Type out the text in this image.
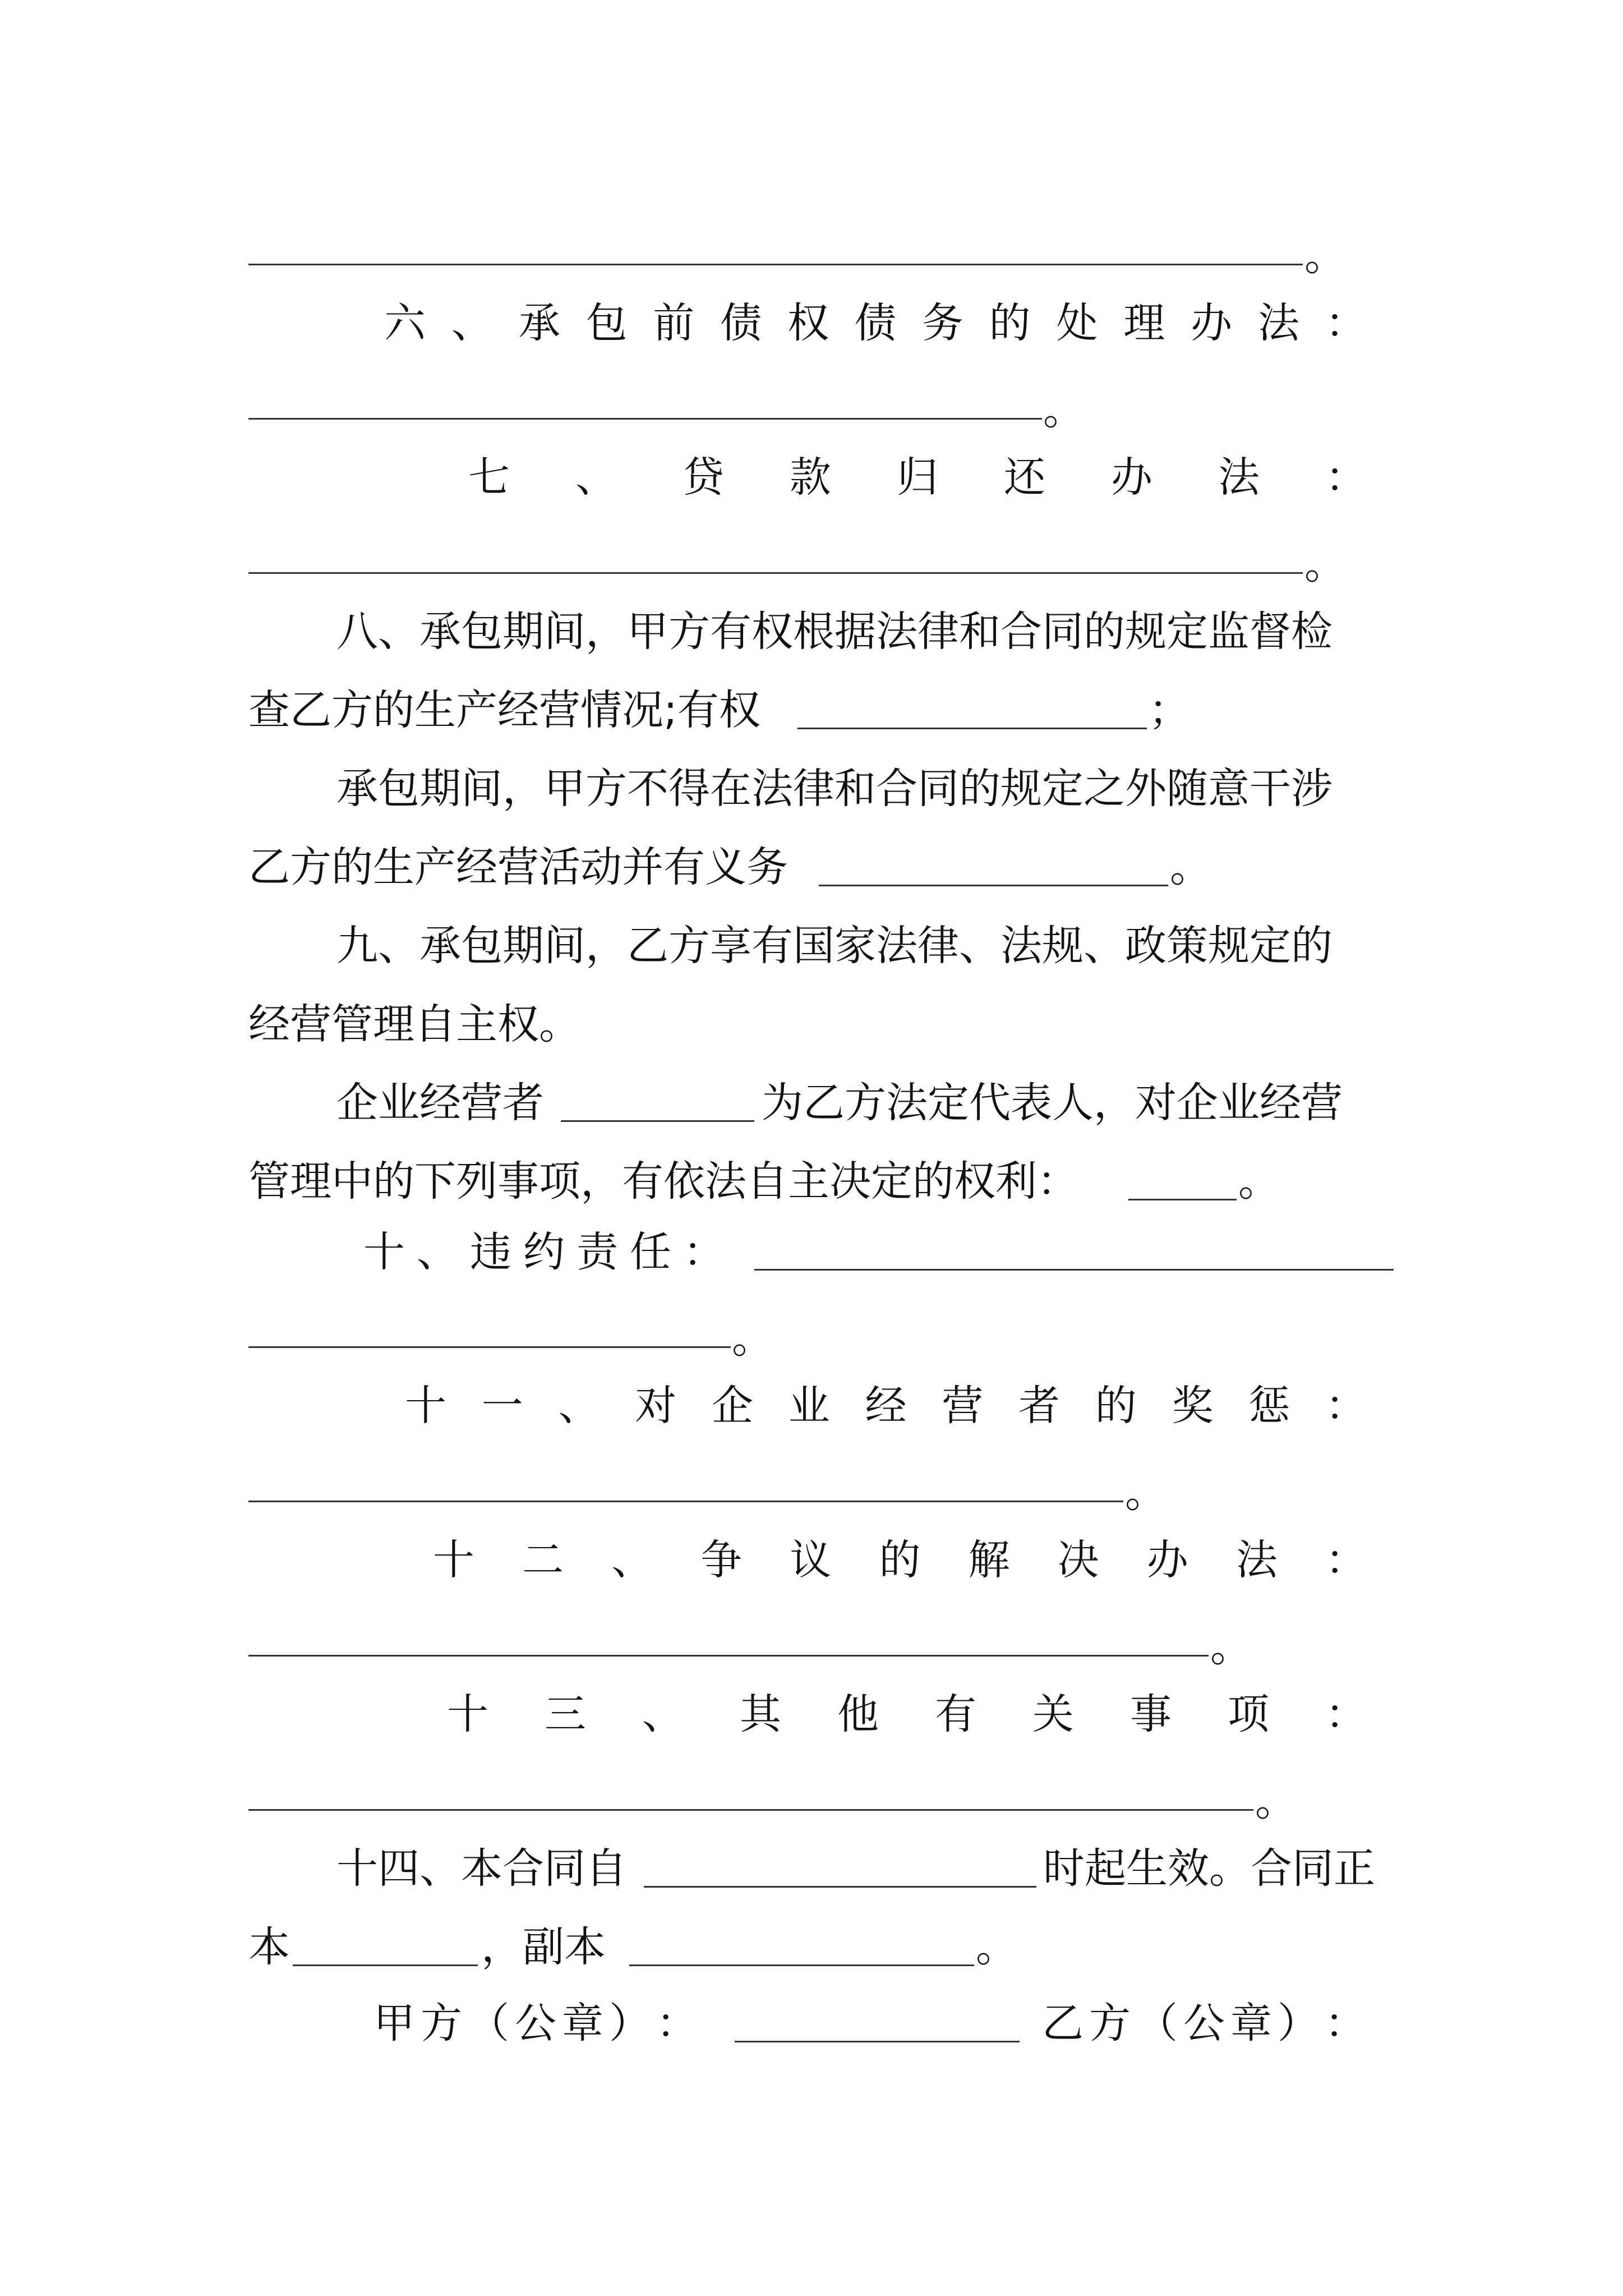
。
六 、 承 包 前 债 权 债 务 的 处 理 办 法 ：
。
七 、 贷 款 归 还 办 法 ：
。
八、承包期间，甲方有权根据法律和合同的规定监督检
查乙方的生产经营情况;有权	；
承包期间，甲方不得在法律和合同的规定之外随意干涉
乙方的生产经营活动并有义务	。
九、承包期间，乙方享有国家法律、法规、政策规定的
经营管理自主权。
企业经营者	为乙方法定代表人，对企业经营
管理中的下列事项，有依法自主决定的权利：	。
十 、 违 约 责 任 ：
。
十 一 、 对 企 业 经 营 者 的 奖 惩 ：
。
十 二 、 争 议 的 解 决 办 法 ：
。
十 三 、 其 他 有 关 事 项 ：
。
十四、本合同自	时起生效。合同正
本	，副本	。
甲 方 （ 公 章 ） ：	乙 方 （ 公 章 ） ：
